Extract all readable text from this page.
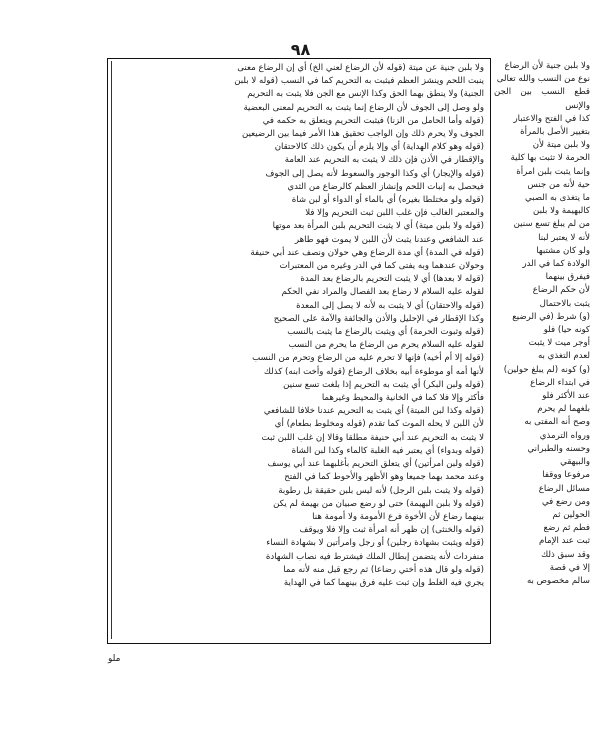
٩٨
ولا بلبن جنية عن ميتة (قوله لأن الرضاع لعني الخ) أي إن الرضاع معنى
ينبت اللحم وينشز العظم فيثبت به التحريم كما في النسب (قوله لا بلبن
الجنية) ولا ينطق بهما الحق وكذا الإنس مع الجن فلا يثبت به التحريم
ولو وصل إلى الجوف لأن الرضاع إنما يثبت به التحريم لمعنى البعضية
(قوله وأما الحامل من الزنا) فيثبت التحريم ويتعلق به حكمه في
الجوف ولا يحرم ذلك وإن الواجب تحقيق هذا الأمر فيما بين الرضيعين
(قوله وهو كلام الهداية) أي وإلا يلزم أن يكون ذلك كالاحتقان
والإقطار في الأذن فإن ذلك لا يثبت به التحريم عند العامة
(قوله والإيجار) أي وكذا الوجور والسعوط لأنه يصل إلى الجوف
فيحصل به إنبات اللحم وإنشاز العظم كالرضاع من الثدي
(قوله ولو مختلطا بغيره) أي بالماء أو الدواء أو لبن شاة
والمعتبر الغالب فإن غلب اللبن ثبت التحريم وإلا فلا
(قوله ولا بلبن ميتة) أي لا يثبت التحريم بلبن المرأة بعد موتها
عند الشافعي وعندنا يثبت لأن اللبن لا يموت فهو طاهر
(قوله في المدة) أي مدة الرضاع وهي حولان ونصف عند أبي حنيفة
وحولان عندهما وبه يفتى كما في الدر وغيره من المعتبرات
(قوله لا بعدها) أي لا يثبت التحريم بالرضاع بعد المدة
لقوله عليه السلام لا رضاع بعد الفصال والمراد نفي الحكم
(قوله والاحتقان) أي لا يثبت به لأنه لا يصل إلى المعدة
وكذا الإقطار في الإحليل والأذن والجائفة والآمة على الصحيح
(قوله وثبوت الحرمة) أي ويثبت بالرضاع ما يثبت بالنسب
لقوله عليه السلام يحرم من الرضاع ما يحرم من النسب
(قوله إلا أم أخيه) فإنها لا تحرم عليه من الرضاع وتحرم من النسب
لأنها أمه أو موطوءة أبيه بخلاف الرضاع (قوله وأخت ابنه) كذلك
(قوله ولبن البكر) أي يثبت به التحريم إذا بلغت تسع سنين
فأكثر وإلا فلا كما في الخانية والمحيط وغيرهما
(قوله وكذا لبن الميتة) أي يثبت به التحريم عندنا خلافا للشافعي
لأن اللبن لا يحله الموت كما تقدم (قوله ومخلوط بطعام) أي
لا يثبت به التحريم عند أبي حنيفة مطلقا وقالا إن غلب اللبن ثبت
(قوله وبدواء) أي يعتبر فيه الغلبة كالماء وكذا لبن الشاة
(قوله ولبن امرأتين) أي يتعلق التحريم بأغلبهما عند أبي يوسف
وعند محمد بهما جميعا وهو الأظهر والأحوط كما في الفتح
(قوله ولا يثبت بلبن الرجل) لأنه ليس بلبن حقيقة بل رطوبة
(قوله ولا بلبن البهيمة) حتى لو رضع صبيان من بهيمة لم يكن
بينهما رضاع لأن الأخوة فرع الأمومة ولا أمومة هنا
(قوله والخنثى) إن ظهر أنه امرأة ثبت وإلا فلا ويوقف
(قوله ويثبت بشهادة رجلين) أو رجل وامرأتين لا بشهادة النساء
منفردات لأنه يتضمن إبطال الملك فيشترط فيه نصاب الشهادة
(قوله ولو قال هذه أختي رضاعا) ثم رجع قبل منه لأنه مما
يجري فيه الغلط وإن ثبت عليه فرق بينهما كما في الهداية
ولا بلبن جنية لأن الرضاع
نوع من النسب والله تعالى
قطع النسب بين الجن والإنس
كذا في الفتح والاعتبار
بتغيير الأصل بالمرأة
ولا بلبن ميتة لأن
الحرمة لا تثبت بها كلية
وإنما يثبت بلبن امرأة
حية لأنه من جنس
ما يتغذى به الصبي
كالبهيمة ولا بلبن
من لم يبلغ تسع سنين
لأنه لا يعتبر لبنا
ولو كان مشتبها
الولادة كما في الدر
فيفرق بينهما
لأن حكم الرضاع
يثبت بالاحتمال
(و) شرط (في الرضيع
كونه حيا) فلو
أوجر ميت لا يثبت
لعدم التغذي به
(و) كونه (لم يبلغ حولين)
في ابتداء الرضاع
عند الأكثر فلو
بلغهما لم يحرم
وصح أنه المفتى به
ورواه الترمذي
وحسنه والطبراني
والبيهقي
مرفوعا ووقفا
مسائل الرضاع
ومن رضع في
الحولين ثم
فطم ثم رضع
ثبت عند الإمام
وقد سبق ذلك
إلا في قصة
سالم مخصوص به
ملو
